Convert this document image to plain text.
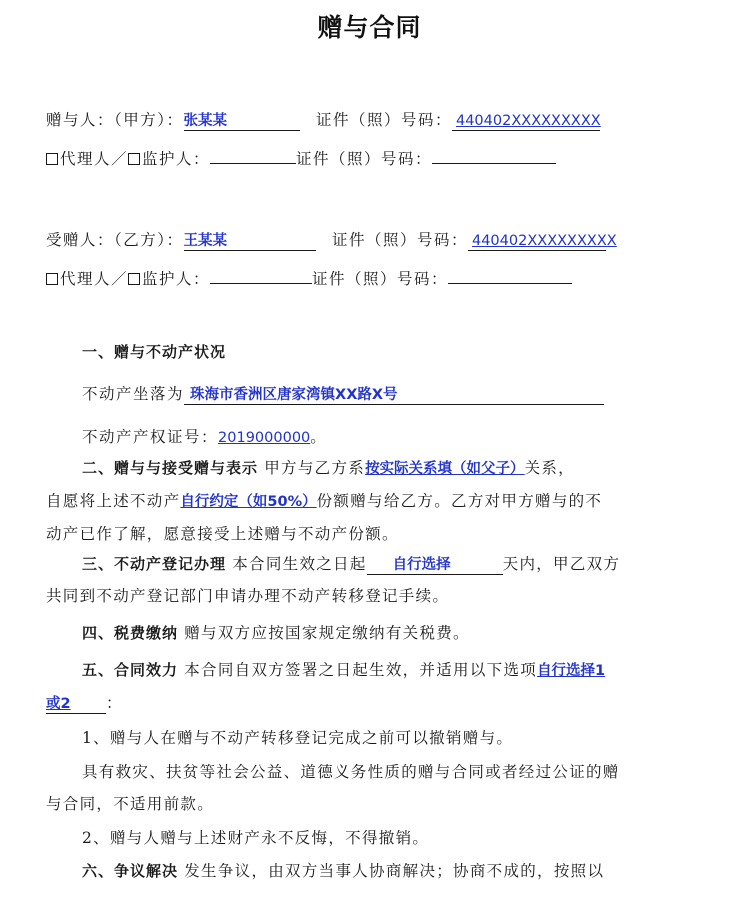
赠与合同
赠与人：（甲方）：张某某	证件（照）号码： 440402XXXXXXXXX
代理人／ 监护人：	证件（照）号码：
受赠人：（乙方）：王某某	证件（照）号码： 440402XXXXXXXXX
代理人／ 监护人：	证件（照）号码：
一、赠与不动产状况
不动产坐落为 珠海市香洲区唐家湾镇XX路X号
不动产产权证号：2019000000。
二、赠与与接受赠与表示 甲方与乙方系按实际关系填（如父子）关系，
自愿将上述不动产自行约定（如50%）份额赠与给乙方。乙方对甲方赠与的不
动产已作了解，愿意接受上述赠与不动产份额。
三、不动产登记办理 本合同生效之日起 自行选择	天内，甲乙双方
共同到不动产登记部门申请办理不动产转移登记手续。
四、税费缴纳 赠与双方应按国家规定缴纳有关税费。
五、合同效力 本合同自双方签署之日起生效，并适用以下选项自行选择1
或2 ：
1、赠与人在赠与不动产转移登记完成之前可以撤销赠与。
具有救灾、扶贫等社会公益、道德义务性质的赠与合同或者经过公证的赠
与合同，不适用前款。
2、赠与人赠与上述财产永不反悔，不得撤销。
六、争议解决 发生争议，由双方当事人协商解决；协商不成的，按照以
